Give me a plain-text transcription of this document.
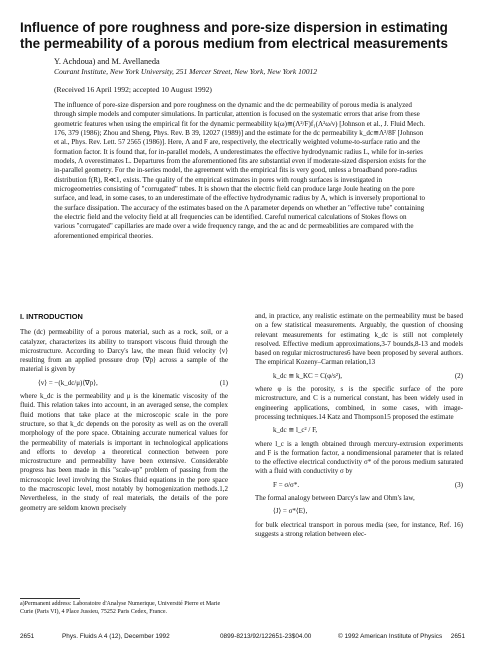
Influence of pore roughness and pore-size dispersion in estimating the permeability of a porous medium from electrical measurements
Y. Achdoua) and M. Avellaneda
Courant Institute, New York University, 251 Mercer Street, New York, New York 10012
(Received 16 April 1992; accepted 10 August 1992)

The influence of pore-size dispersion and pore roughness on the dynamic and the dc permeability of porous media is analyzed through simple models and computer simulations. In particular, attention is focused on the systematic errors that arise from these geometric features when using the empirical fit for the dynamic permeability k(ω)≅(Λ²/F)f₁(Λ²ω/ν) [Johnson et al., J. Fluid Mech. 176, 379 (1986); Zhou and Sheng, Phys. Rev. B 39, 12027 (1989)] and the estimate for the dc permeability k_dc≅Λ²/8F [Johnson et al., Phys. Rev. Lett. 57 2565 (1986)]. Here, Λ and F are, respectively, the electrically weighted volume-to-surface ratio and the formation factor. It is found that, for in-parallel models, Λ underestimates the effective hydrodynamic radius L, while for in-series models, Λ overestimates L. Departures from the aforementioned fits are substantial even if moderate-sized dispersion exists for the in-parallel geometry. For the in-series model, the agreement with the empirical fits is very good, unless a broadband pore-radius distribution f(R), R≪1, exists. The quality of the empirical estimates in pores with rough surfaces is investigated in microgeometries consisting of "corrugated" tubes. It is shown that the electric field can produce large Joule heating on the pore surface, and lead, in some cases, to an underestimate of the effective hydrodynamic radius by Λ, which is inversely proportional to the surface dissipation. The accuracy of the estimates based on the Λ parameter depends on whether an "effective tube" containing the electric field and the velocity field at all frequencies can be identified. Careful numerical calculations of Stokes flows on various "corrugated" capillaries are made over a wide frequency range, and the ac and dc permeabilities are compared with the aforementioned empirical theories.

I. INTRODUCTION

The (dc) permeability of a porous material, such as a rock, soil, or a catalyzer, characterizes its ability to transport viscous fluid through the microstructure. According to Darcy's law, the mean fluid velocity ⟨v⟩ resulting from an applied pressure drop ⟨∇p⟩ across a sample of the material is given by

⟨v⟩ = −(k_dc/μ)⟨∇p⟩,	(1)

where k_dc is the permeability and μ is the kinematic viscosity of the fluid. This relation takes into account, in an averaged sense, the complex fluid motions that take place at the microscopic scale in the pore structure, so that k_dc depends on the porosity as well as on the overall morphology of the pore space. Obtaining accurate numerical values for the permeability of materials is important in technological applications and efforts to develop a theoretical connection between pore microstructure and permeability have been extensive. Considerable progress has been made in this "scale-up" problem of passing from the microscopic level involving the Stokes fluid equations in the pore space to the macroscopic level, most notably by homogenization methods.1,2 Nevertheless, in the study of real materials, the details of the pore geometry are seldom known precisely

and, in practice, any realistic estimate on the permeability must be based on a few statistical measurements. Arguably, the question of choosing relevant measurements for estimating k_dc is still not completely resolved. Effective medium approximations,3-7 bounds,8-13 and models based on regular microstructures6 have been proposed by several authors. The empirical Kozeny–Carman relation,13

k_dc ≅ k_KC = C(φ/s²),	(2)

where φ is the porosity, s is the specific surface of the pore microstructure, and C is a numerical constant, has been widely used in engineering applications, combined, in some cases, with image-processing techniques.14 Katz and Thompson15 proposed the estimate

k_dc ≅ l_c² / F,

where l_c is a length obtained through mercury-extrusion experiments and F is the formation factor, a nondimensional parameter that is related to the effective electrical conductivity σ* of the porous medium saturated with a fluid with conductivity σ by

F = σ/σ*.	(3)

The formal analogy between Darcy's law and Ohm's law,

⟨J⟩ = σ*⟨E⟩,

for bulk electrical transport in porous media (see, for instance, Ref. 16) suggests a strong relation between elec-

a)Permanent address: Laboratoire d'Analyse Numerique, Université Pierre et Marie Curie (Paris VI), 4 Place Jussieu, 75252 Paris Cedex, France.
2651	Phys. Fluids A 4 (12), December 1992	0899-8213/92/122651-23$04.00	© 1992 American Institute of Physics 2651
